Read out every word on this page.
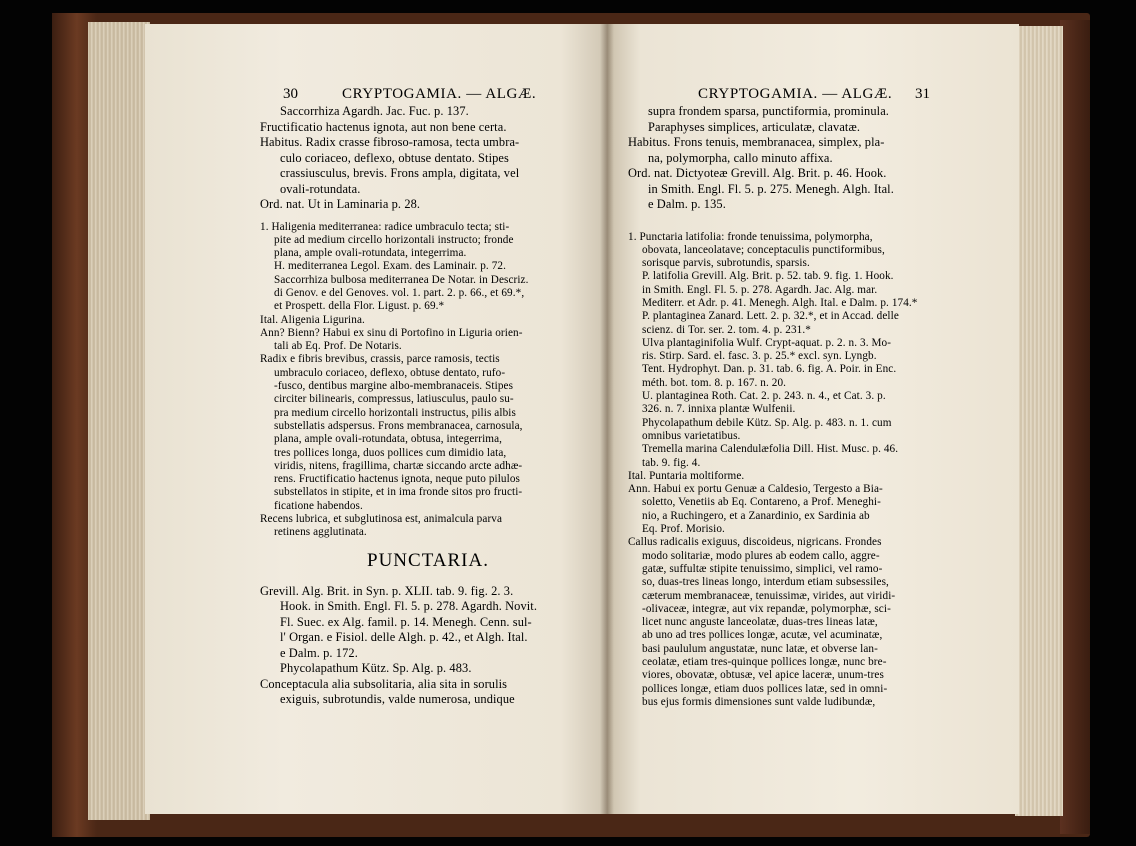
30	CRYPTOGAMIA. — ALGÆ.	CRYPTOGAMIA. — ALGÆ. 31
Saccorrhiza Agardh. Jac. Fuc. p. 137.
Fructificatio hactenus ignota, aut non bene certa.
Habitus. Radix crasse fibroso-ramosa, tecta umbra-
culo coriaceo, deflexo, obtuse dentato. Stipes
crassiusculus, brevis. Frons ampla, digitata, vel
ovali-rotundata.
Ord. nat. Ut in Laminaria p. 28.
1. Haligenia mediterranea: radice umbraculo tecta; sti-
pite ad medium circello horizontali instructo; fronde
plana, ample ovali-rotundata, integerrima.
H. mediterranea Legol. Exam. des Laminair. p. 72.
Saccorrhiza bulbosa mediterranea De Notar. in Descriz.
di Genov. e del Genoves. vol. 1. part. 2. p. 66., et 69.*,
et Prospett. della Flor. Ligust. p. 69.*
Ital. Aligenia Ligurina.
Ann? Bienn? Habui ex sinu di Portofino in Liguria orien-
tali ab Eq. Prof. De Notaris.
Radix e fibris brevibus, crassis, parce ramosis, tectis
umbraculo coriaceo, deflexo, obtuse dentato, rufo-
-fusco, dentibus margine albo-membranaceis. Stipes
circiter bilinearis, compressus, latiusculus, paulo su-
pra medium circello horizontali instructus, pilis albis
substellatis adspersus. Frons membranacea, carnosula,
plana, ample ovali-rotundata, obtusa, integerrima,
tres pollices longa, duos pollices cum dimidio lata,
viridis, nitens, fragillima, chartæ siccando arcte adhæ-
rens. Fructificatio hactenus ignota, neque puto pilulos
substellatos in stipite, et in ima fronde sitos pro fructi-
ficatione habendos.
Recens lubrica, et subglutinosa est, animalcula parva
retinens agglutinata.
PUNCTARIA.
Grevill. Alg. Brit. in Syn. p. XLII. tab. 9. fig. 2. 3.
Hook. in Smith. Engl. Fl. 5. p. 278. Agardh. Novit.
Fl. Suec. ex Alg. famil. p. 14. Menegh. Cenn. sul-
l' Organ. e Fisiol. delle Algh. p. 42., et Algh. Ital.
e Dalm. p. 172.
Phycolapathum Kütz. Sp. Alg. p. 483.
Conceptacula alia subsolitaria, alia sita in sorulis
exiguis, subrotundis, valde numerosa, undique
supra frondem sparsa, punctiformia, prominula.
Paraphyses simplices, articulatæ, clavatæ.
Habitus. Frons tenuis, membranacea, simplex, pla-
na, polymorpha, callo minuto affixa.
Ord. nat. Dictyoteæ Grevill. Alg. Brit. p. 46. Hook.
in Smith. Engl. Fl. 5. p. 275. Menegh. Algh. Ital.
e Dalm. p. 135.
1. Punctaria latifolia: fronde tenuissima, polymorpha,
obovata, lanceolatave; conceptaculis punctiformibus,
sorisque parvis, subrotundis, sparsis.
P. latifolia Grevill. Alg. Brit. p. 52. tab. 9. fig. 1. Hook.
in Smith. Engl. Fl. 5. p. 278. Agardh. Jac. Alg. mar.
Mediterr. et Adr. p. 41. Menegh. Algh. Ital. e Dalm. p. 174.*
P. plantaginea Zanard. Lett. 2. p. 32.*, et in Accad. delle
scienz. di Tor. ser. 2. tom. 4. p. 231.*
Ulva plantaginifolia Wulf. Crypt-aquat. p. 2. n. 3. Mo-
ris. Stirp. Sard. el. fasc. 3. p. 25.* excl. syn. Lyngb.
Tent. Hydrophyt. Dan. p. 31. tab. 6. fig. A. Poir. in Enc.
méth. bot. tom. 8. p. 167. n. 20.
U. plantaginea Roth. Cat. 2. p. 243. n. 4., et Cat. 3. p.
326. n. 7. innixa plantæ Wulfenii.
Phycolapathum debile Kütz. Sp. Alg. p. 483. n. 1. cum
omnibus varietatibus.
Tremella marina Calendulæfolia Dill. Hist. Musc. p. 46.
tab. 9. fig. 4.
Ital. Puntaria moltiforme.
Ann. Habui ex portu Genuæ a Caldesio, Tergesto a Bia-
soletto, Venetiis ab Eq. Contareno, a Prof. Meneghi-
nio, a Ruchingero, et a Zanardinio, ex Sardinia ab
Eq. Prof. Morisio.
Callus radicalis exiguus, discoideus, nigricans. Frondes
modo solitariæ, modo plures ab eodem callo, aggre-
gatæ, suffultæ stipite tenuissimo, simplici, vel ramo-
so, duas-tres lineas longo, interdum etiam subsessiles,
cæterum membranaceæ, tenuissimæ, virides, aut viridi-
-olivaceæ, integræ, aut vix repandæ, polymorphæ, sci-
licet nunc anguste lanceolatæ, duas-tres lineas latæ,
ab uno ad tres pollices longæ, acutæ, vel acuminatæ,
basi paululum angustatæ, nunc latæ, et obverse lan-
ceolatæ, etiam tres-quinque pollices longæ, nunc bre-
viores, obovatæ, obtusæ, vel apice laceræ, unum-tres
pollices longæ, etiam duos pollices latæ, sed in omni-
bus ejus formis dimensiones sunt valde ludibundæ,
